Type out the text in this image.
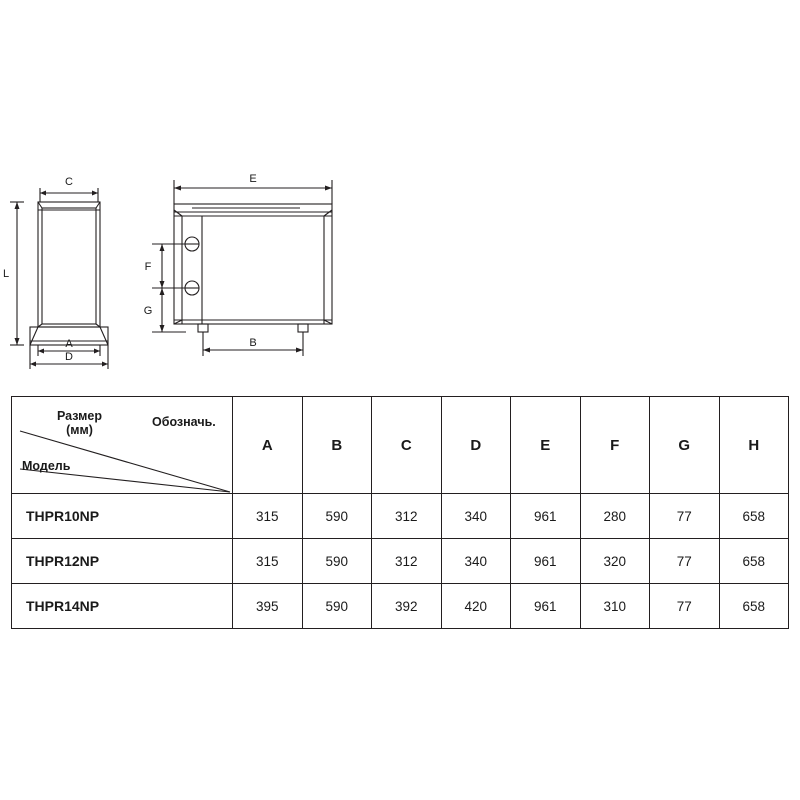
C
L
A
D
E
F
G
B
Размер
(мм)
Обозначь.
Модель	A	B	C	D	E	F	G	H
THPR10NP	315	590	312	340	961	280	77	658
THPR12NP	315	590	312	340	961	320	77	658
THPR14NP	395	590	392	420	961	310	77	658
